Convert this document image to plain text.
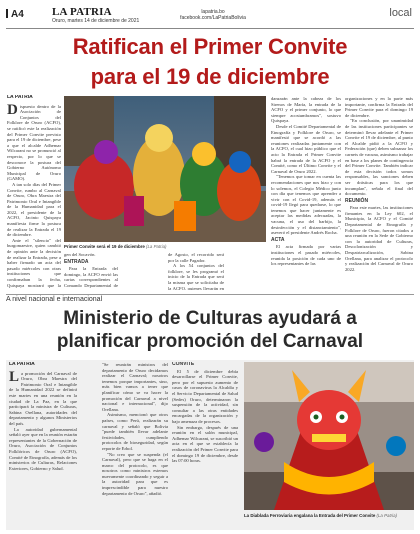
A4	LA PATRIA
Oruro, martes 14 de diciembre de 2021
lapatria.bo
facebook.com/LaPatriaBolivia	local
Ratifican el Primer Convite
para el 19 de diciembre
LA PATRIA

Dispuesto dentro de la Asociación de Conjuntos del Folklore de Oruro (ACFO), se ratificó este la realización del Primer Convite previsto para el 19 de diciembre, pese a que el alcalde Adhemar Wilcarani no se pronunció al respecto, por lo que se desconoce la postura del Gobierno Autónomo Municipal de Oruro (GAMO).

A tan solo días del Primer Convite, rumbo al Carnaval de Oruro, Obra Maestra del Patrimonio Oral e Intangible de la Humanidad para el 2022, el presidente de la ACFO, Jacinto Quispaya manifiesta firme la postura de realizar la Entrada el 19 de diciembre.

Ante el "silencio" del burgomaestre, quien cambió de opinión ante la decisión de realizar la Entrada, pese a haber firmado un acta del pasado miércoles con otras instituciones que confirmaban la fecha, Quispaya mostraró que la

Primer Convite será el 19 de diciembre (La Patria)

gen del Socavón.

ENTRADA

Para la Entrada del domingo, la ACFO envió las cartas correspondientes al Comando Departamental de

de Agosto, el recorrido será por la calle Pagador.

A los 54 conjuntos del folklore, se les programó el inicio de la Entrada que será la misma que se solicitaba de la ACFO, quienes llevarán en

danzarán ante la cabeza de los Sirenos de María, la entrada de la ACFO y el primer conjunto, lo que siempre acostumbramos", sostuvo Quispaya.

Desde el Comité Departamental de Etnografía y Folklore de Oruro, se manifestó que se acordó a las reuniones realizadas juntamente con la ACFO, el cual hizo público que el acto la Entrada el Primer Convite habrá la entrada de la ACFO y el Comité, como el Último Convite y el Carnaval de Oruro 2022.

"Tenemos que tomar en cuenta las recomendaciones que nos hizo y con lo solemos, el Colegio Médico junto con día que tenemos que aprender a vivir con el Covid-19, además el covid-19 llegó para quedarse, lo que tenemos que hacer juntamente es aceptar las medidas adecuadas, la vacuna, el uso del barbijo, la desinfección y el distanciamiento", aseveró el presidente Andrés Rocha.

ACTA

El acta firmada por varias instituciones el pasado miércoles, reunida la posición de cada uno de los representantes de las

organizaciones y en la parte más importante, confirma la Entrada del Primer Convite para el domingo 19 de diciembre.

"En conclusión, por unanimidad de las instituciones participantes se determinó llevar adelante el Primer Convite el 19 de diciembre, al punto el Alcalde pidió a la ACFO y Federación (que) deben subsanar los carnets de vacuna, asimismo trabajar en base a los planes de contingencia del Primer Convite. También indicar de esta decisión todos somos responsables, las sanciones deben ser drásticas para los que incumplan", señala el final del documento.

REUNIÓN

Para este martes, las instituciones firmantes en la Ley 602, el Municipio, la ACFO y el Comité Departamental de Etnografía y Folklore de Oruro, fueron citados a una reunión en la Sede de Gobierno con la autoridad de Culturas, Descolonización y Despatriarcalización, Sabina Orellana, para analizar el protocolo y realización del Carnaval de Oruro 2022.

A nivel nacional e internacional
Ministerio de Culturas ayudará a
planificar promoción del Carnaval
LA PATRIA

La promoción del Carnaval de Oruro, Obra Maestra del Patrimonio Oral e Intangible de la Humanidad 2022 se definirá este martes en una reunión en la ciudad de La Paz, en la que participará la ministra de Culturas, Sabina Orellana, autoridades del departamento y algunos Ministerios del país.

La autoridad gubernamental señaló ayer que en la reunión estarán representantes de la Gobernación de Oruro, Asociación de Conjuntos Folklóricos de Oruro (ACFO), Comité de Etnografía, además de los ministerios de Culturas, Relaciones Exteriores, Gobierno y Salud.

"Se reunirán ministros del departamento de Oruro decidamos realizar el Carnaval; nosotros tenemos porque importantes, sino, más bien vamos a tener que planificar cómo se va hacer la promoción del Carnaval a nivel nacional e internacional", dijo Orellana.

Asimismo, mencionó que otros países, como Perú, realizarán su carnaval y señaló que Bolivia "puede también llevar adelante festividades, cumpliendo protocolos de bioseguridad, según reporte de Erbol.

"No creo que se suspenda (el Carnaval), pero que se haga en el marco del protocolo, es que nosotros como ministros estemos nuevamente coordinando y seguir a la autoridad para que es imprescindible para nuestro departamento de Oruro", añadió.

CONVITE

El 5 de diciembre debía desarrollarse el Primer Convite, pero por el supuesto aumento de casos de coronavirus la Alcaldía y el Servicio Departamental de Salud (Sedes) Oruro, determinaron la suspensión de la actividad, sin consultar a las otras entidades encargadas de la organización y bajo amenaza de procesos.

Sin embargo, después de una reunión en el salón municipal, Adhemar Wilcarani, se suscribió un acta en el que se establecía la realización del Primer Convite para el domingo 19 de diciembre, desde las 07:00 horas.

La Diablada Ferroviaria engalana la Entrada del Primer Convite (La Patria)
